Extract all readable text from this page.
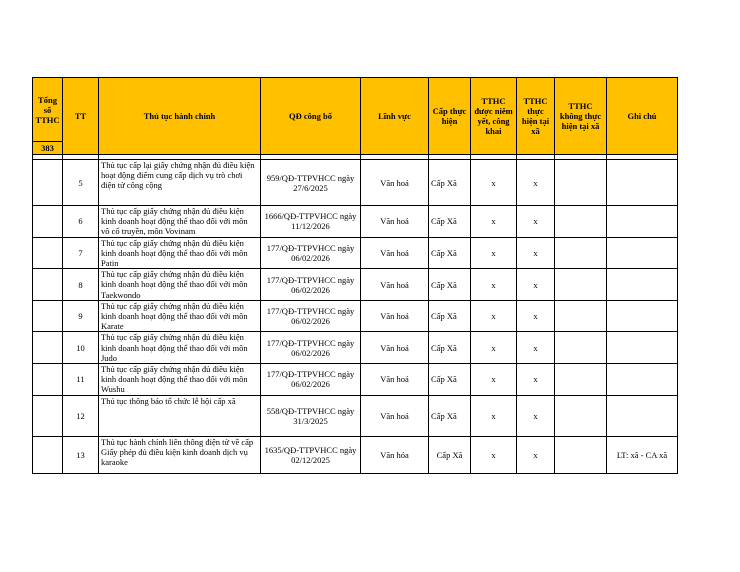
Tổng số TTHC	TT	Thủ tục hành chính	QĐ công bố	Lĩnh vực	Cấp thực hiện	TTHC được niêm yết, công khai	TTHC thực hiện tại xã	TTHC không thực hiện tại xã	Ghi chú
383									

	5	Thủ tục cấp lại giấy chứng nhận đủ điều kiện hoạt động điểm cung cấp dịch vụ trò chơi điện tử công cộng	959/QĐ-TTPVHCC ngày 27/6/2025	Văn hoá	Cấp Xã	x	x		
	6	Thủ tục cấp giấy chứng nhận đủ điều kiện kinh doanh hoạt động thể thao đối với môn võ cổ truyền, môn Vovinam	1666/QĐ-TTPVHCC ngày 11/12/2026	Văn hoá	Cấp Xã	x	x		
	7	Thủ tục cấp giấy chứng nhận đủ điều kiện kinh doanh hoạt động thể thao đối với môn Patin	177/QĐ-TTPVHCC ngày 06/02/2026	Văn hoá	Cấp Xã	x	x		
	8	Thủ tục cấp giấy chứng nhận đủ điều kiện kinh doanh hoạt động thể thao đối với môn Taekwondo	177/QĐ-TTPVHCC ngày 06/02/2026	Văn hoá	Cấp Xã	x	x		
	9	Thủ tục cấp giấy chứng nhận đủ điều kiện kinh doanh hoạt động thể thao đối với môn Karate	177/QĐ-TTPVHCC ngày 06/02/2026	Văn hoá	Cấp Xã	x	x		
	10	Thủ tục cấp giấy chứng nhận đủ điều kiện kinh doanh hoạt động thể thao đối với môn Judo	177/QĐ-TTPVHCC ngày 06/02/2026	Văn hoá	Cấp Xã	x	x		
	11	Thủ tục cấp giấy chứng nhận đủ điều kiện kinh doanh hoạt động thể thao đối với môn Wushu	177/QĐ-TTPVHCC ngày 06/02/2026	Văn hoá	Cấp Xã	x	x		
	12	Thủ tục thông báo tổ chức lễ hội cấp xã	558/QĐ-TTPVHCC ngày 31/3/2025	Văn hoá	Cấp Xã	x	x		
	13	Thủ tục hành chính liên thông điện tử về cấp Giấy phép đủ điều kiện kinh doanh dịch vụ karaoke	1635/QĐ-TTPVHCC ngày 02/12/2025	Văn hóa	Cấp Xã	x	x		LT: xã - CA xã
